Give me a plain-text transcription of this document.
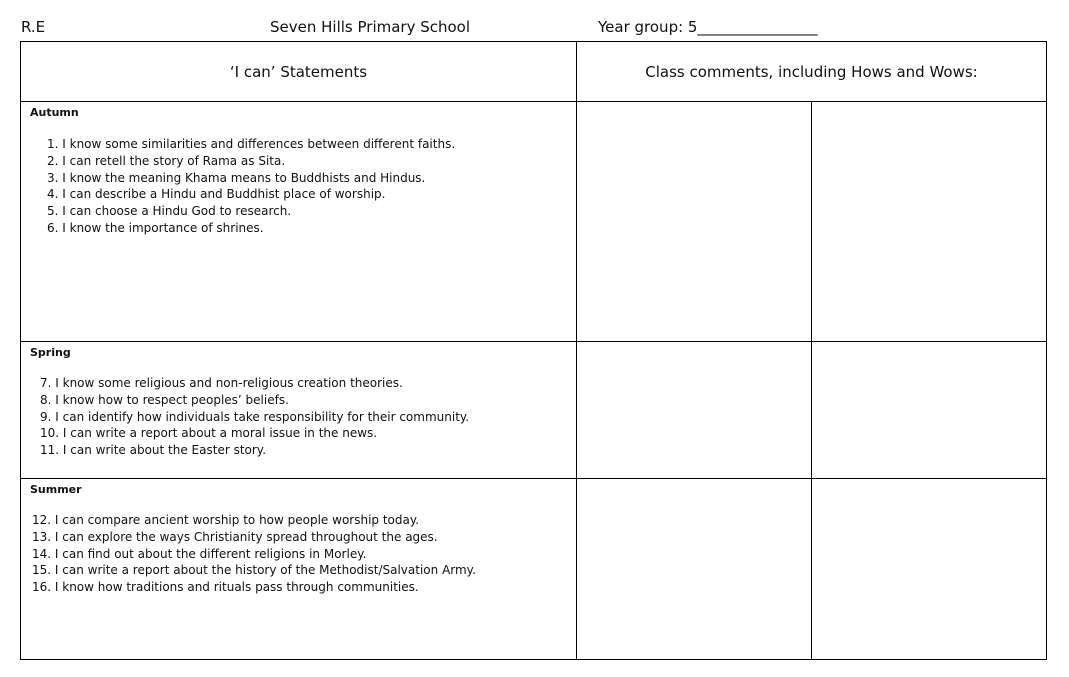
R.E	Seven Hills Primary School	Year group: 5________________
‘I can’ Statements	Class comments, including Hows and Wows:
Autumn
1. I know some similarities and differences between different faiths.
2. I can retell the story of Rama as Sita.
3. I know the meaning Khama means to Buddhists and Hindus.
4. I can describe a Hindu and Buddhist place of worship.
5. I can choose a Hindu God to research.
6. I know the importance of shrines.
Spring
7. I know some religious and non-religious creation theories.
8. I know how to respect peoples’ beliefs.
9. I can identify how individuals take responsibility for their community.
10. I can write a report about a moral issue in the news.
11. I can write about the Easter story.
Summer
12. I can compare ancient worship to how people worship today.
13. I can explore the ways Christianity spread throughout the ages.
14. I can find out about the different religions in Morley.
15. I can write a report about the history of the Methodist/Salvation Army.
16. I know how traditions and rituals pass through communities.
